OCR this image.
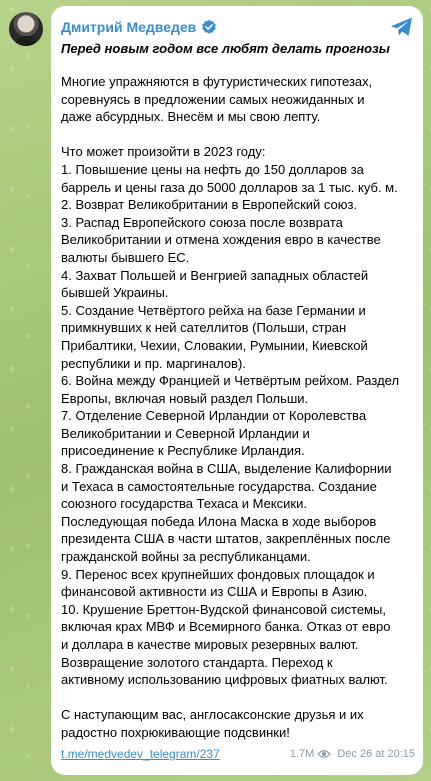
Дмитрий Медведев
Перед новым годом все любят делать прогнозы
Многие упражняются в футуристических гипотезах,
соревнуясь в предложении самых неожиданных и
даже абсурдных. Внесём и мы свою лепту.

Что может произойти в 2023 году:
1. Повышение цены на нефть до 150 долларов за
баррель и цены газа до 5000 долларов за 1 тыс. куб. м.
2. Возврат Великобритании в Европейский союз.
3. Распад Европейского союза после возврата
Великобритании и отмена хождения евро в качестве
валюты бывшего ЕС.
4. Захват Польшей и Венгрией западных областей
бывшей Украины.
5. Создание Четвёртого рейха на базе Германии и
примкнувших к ней сателлитов (Польши, стран
Прибалтики, Чехии, Словакии, Румынии, Киевской
республики и пр. маргиналов).
6. Война между Францией и Четвёртым рейхом. Раздел
Европы, включая новый раздел Польши.
7. Отделение Северной Ирландии от Королевства
Великобритании и Северной Ирландии и
присоединение к Республике Ирландия.
8. Гражданская война в США, выделение Калифорнии
и Техаса в самостоятельные государства. Создание
союзного государства Техаса и Мексики.
Последующая победа Илона Маска в ходе выборов
президента США в части штатов, закреплённых после
гражданской войны за республиканцами.
9. Перенос всех крупнейших фондовых площадок и
финансовой активности из США и Европы в Азию.
10. Крушение Бреттон-Вудской финансовой системы,
включая крах МВФ и Всемирного банка. Отказ от евро
и доллара в качестве мировых резервных валют.
Возвращение золотого стандарта. Переход к
активному использованию цифровых фиатных валют.

С наступающим вас, англосаксонские друзья и их
радостно похрюкивающие подсвинки!
t.me/medvedev_telegram/237	1.7M Dec 26 at 20:15
